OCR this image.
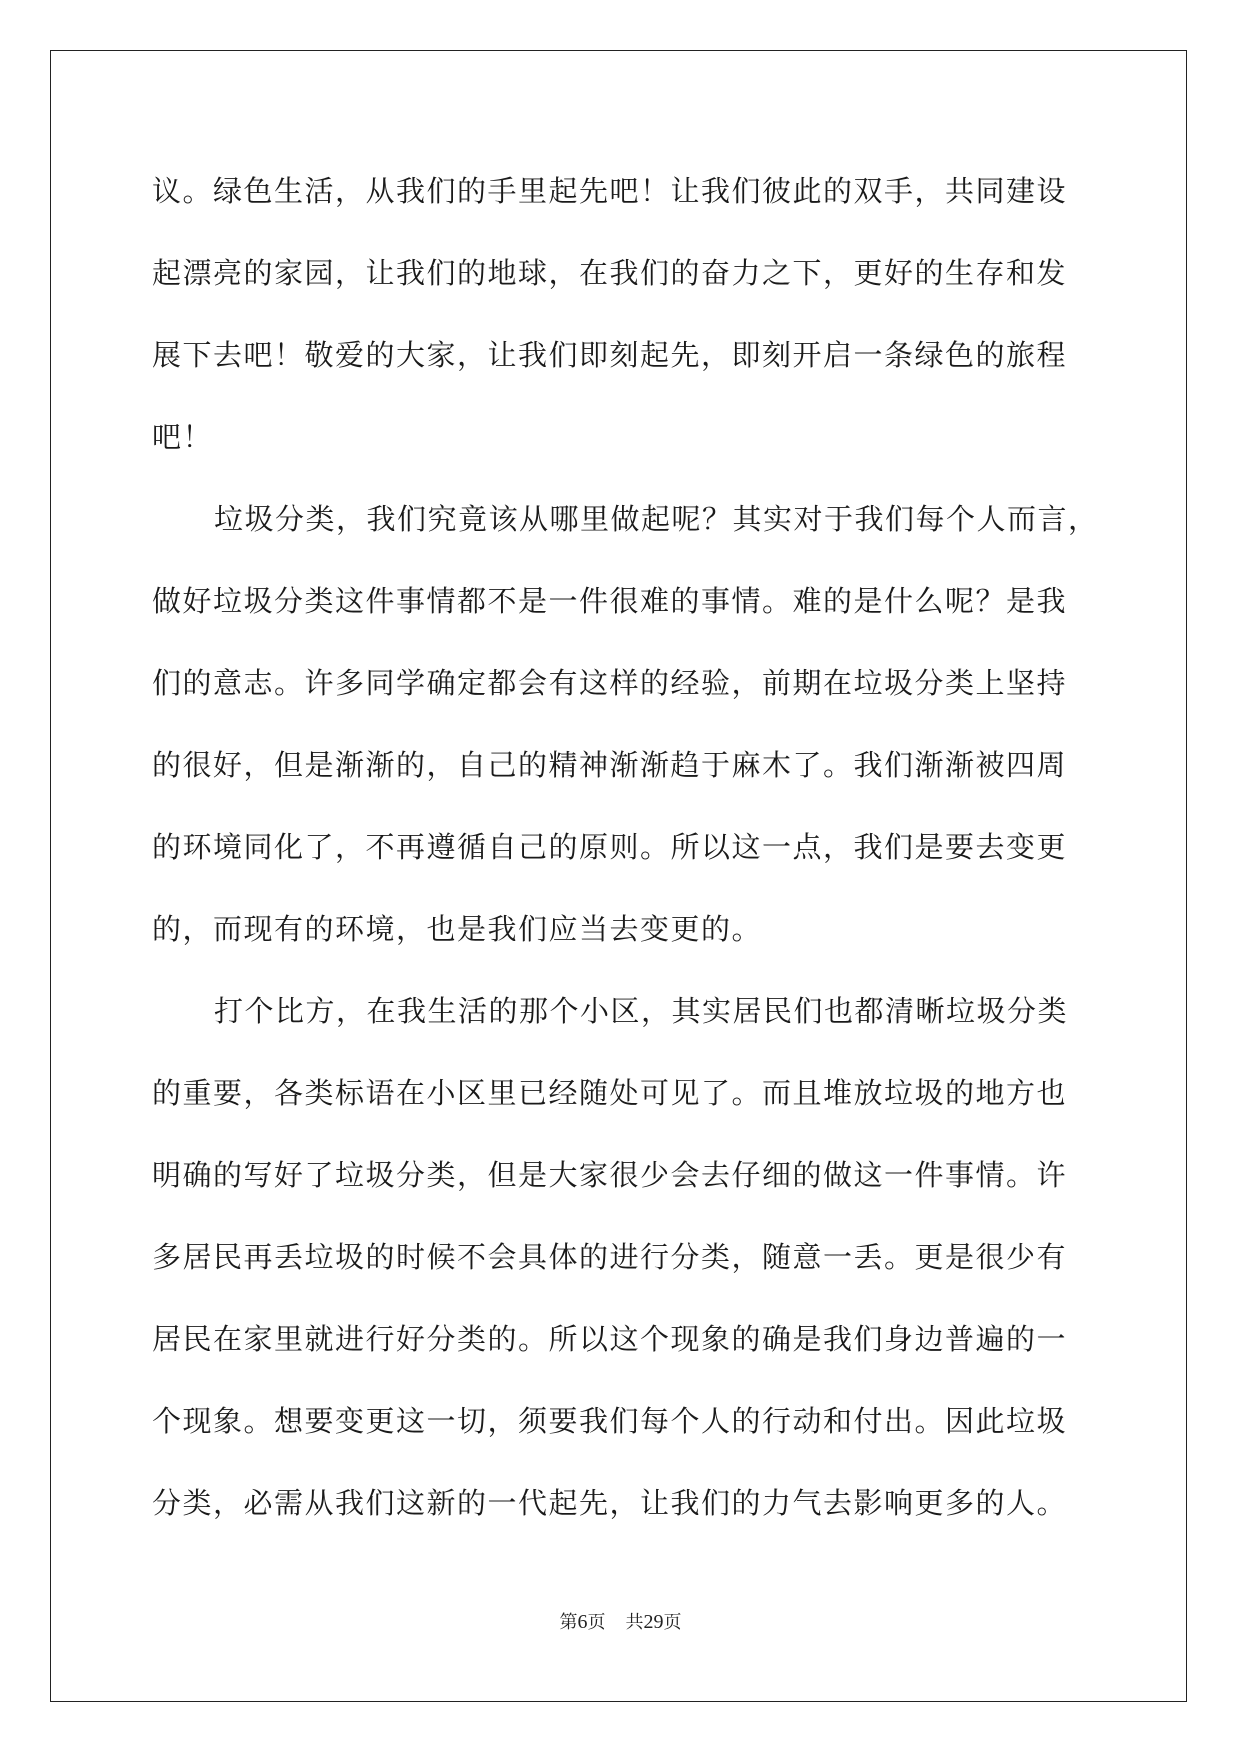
议。绿色生活，从我们的手里起先吧！让我们彼此的双手，共同建设
起漂亮的家园，让我们的地球，在我们的奋力之下，更好的生存和发
展下去吧！敬爱的大家，让我们即刻起先，即刻开启一条绿色的旅程
吧！
垃圾分类，我们究竟该从哪里做起呢？其实对于我们每个人而言，
做好垃圾分类这件事情都不是一件很难的事情。难的是什么呢？是我
们的意志。许多同学确定都会有这样的经验，前期在垃圾分类上坚持
的很好，但是渐渐的，自己的精神渐渐趋于麻木了。我们渐渐被四周
的环境同化了，不再遵循自己的原则。所以这一点，我们是要去变更
的，而现有的环境，也是我们应当去变更的。
打个比方，在我生活的那个小区，其实居民们也都清晰垃圾分类
的重要，各类标语在小区里已经随处可见了。而且堆放垃圾的地方也
明确的写好了垃圾分类，但是大家很少会去仔细的做这一件事情。许
多居民再丢垃圾的时候不会具体的进行分类，随意一丢。更是很少有
居民在家里就进行好分类的。所以这个现象的确是我们身边普遍的一
个现象。想要变更这一切，须要我们每个人的行动和付出。因此垃圾
分类，必需从我们这新的一代起先，让我们的力气去影响更多的人。
第6页 共29页
